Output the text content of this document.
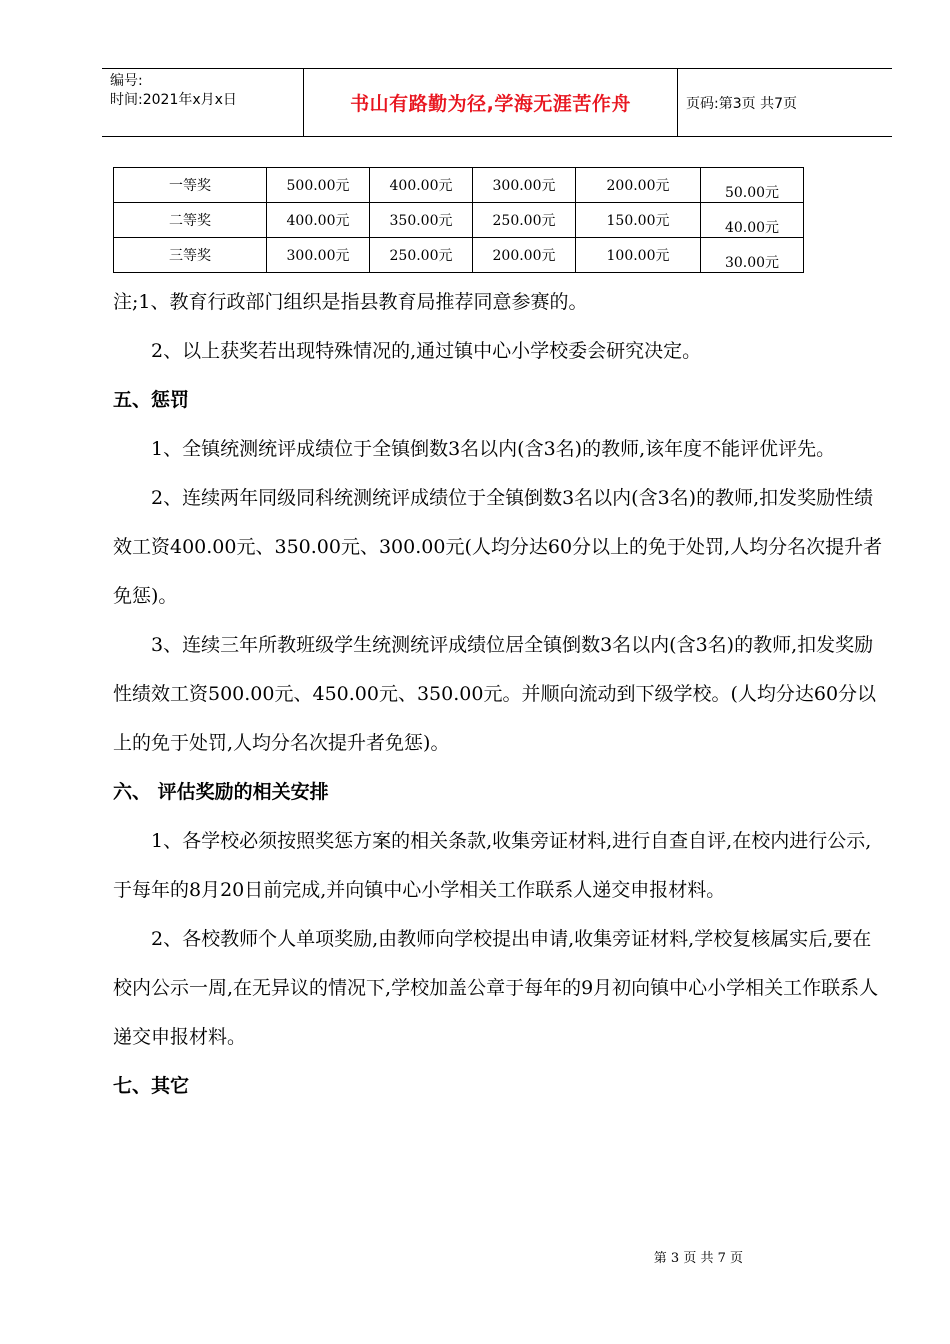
编号:
时间:2021年x月x日	书山有路勤为径,学海无涯苦作舟	页码:第3页 共7页
一等奖	500.00元	400.00元	300.00元	200.00元	50.00元
二等奖	400.00元	350.00元	250.00元	150.00元	40.00元
三等奖	300.00元	250.00元	200.00元	100.00元	30.00元

注;1、教育行政部门组织是指县教育局推荐同意参赛的。

2、以上获奖若出现特殊情况的,通过镇中心小学校委会研究决定。

五、惩罚

1、全镇统测统评成绩位于全镇倒数3名以内(含3名)的教师,该年度不能评优评先。

2、连续两年同级同科统测统评成绩位于全镇倒数3名以内(含3名)的教师,扣发奖励性绩效工资400.00元、350.00元、300.00元(人均分达60分以上的免于处罚,人均分名次提升者免惩)。

3、连续三年所教班级学生统测统评成绩位居全镇倒数3名以内(含3名)的教师,扣发奖励性绩效工资500.00元、450.00元、350.00元。并顺向流动到下级学校。(人均分达60分以上的免于处罚,人均分名次提升者免惩)。

六、 评估奖励的相关安排

1、各学校必须按照奖惩方案的相关条款,收集旁证材料,进行自查自评,在校内进行公示,于每年的8月20日前完成,并向镇中心小学相关工作联系人递交申报材料。

2、各校教师个人单项奖励,由教师向学校提出申请,收集旁证材料,学校复核属实后,要在校内公示一周,在无异议的情况下,学校加盖公章于每年的9月初向镇中心小学相关工作联系人递交申报材料。

七、其它

第 3 页 共 7 页
